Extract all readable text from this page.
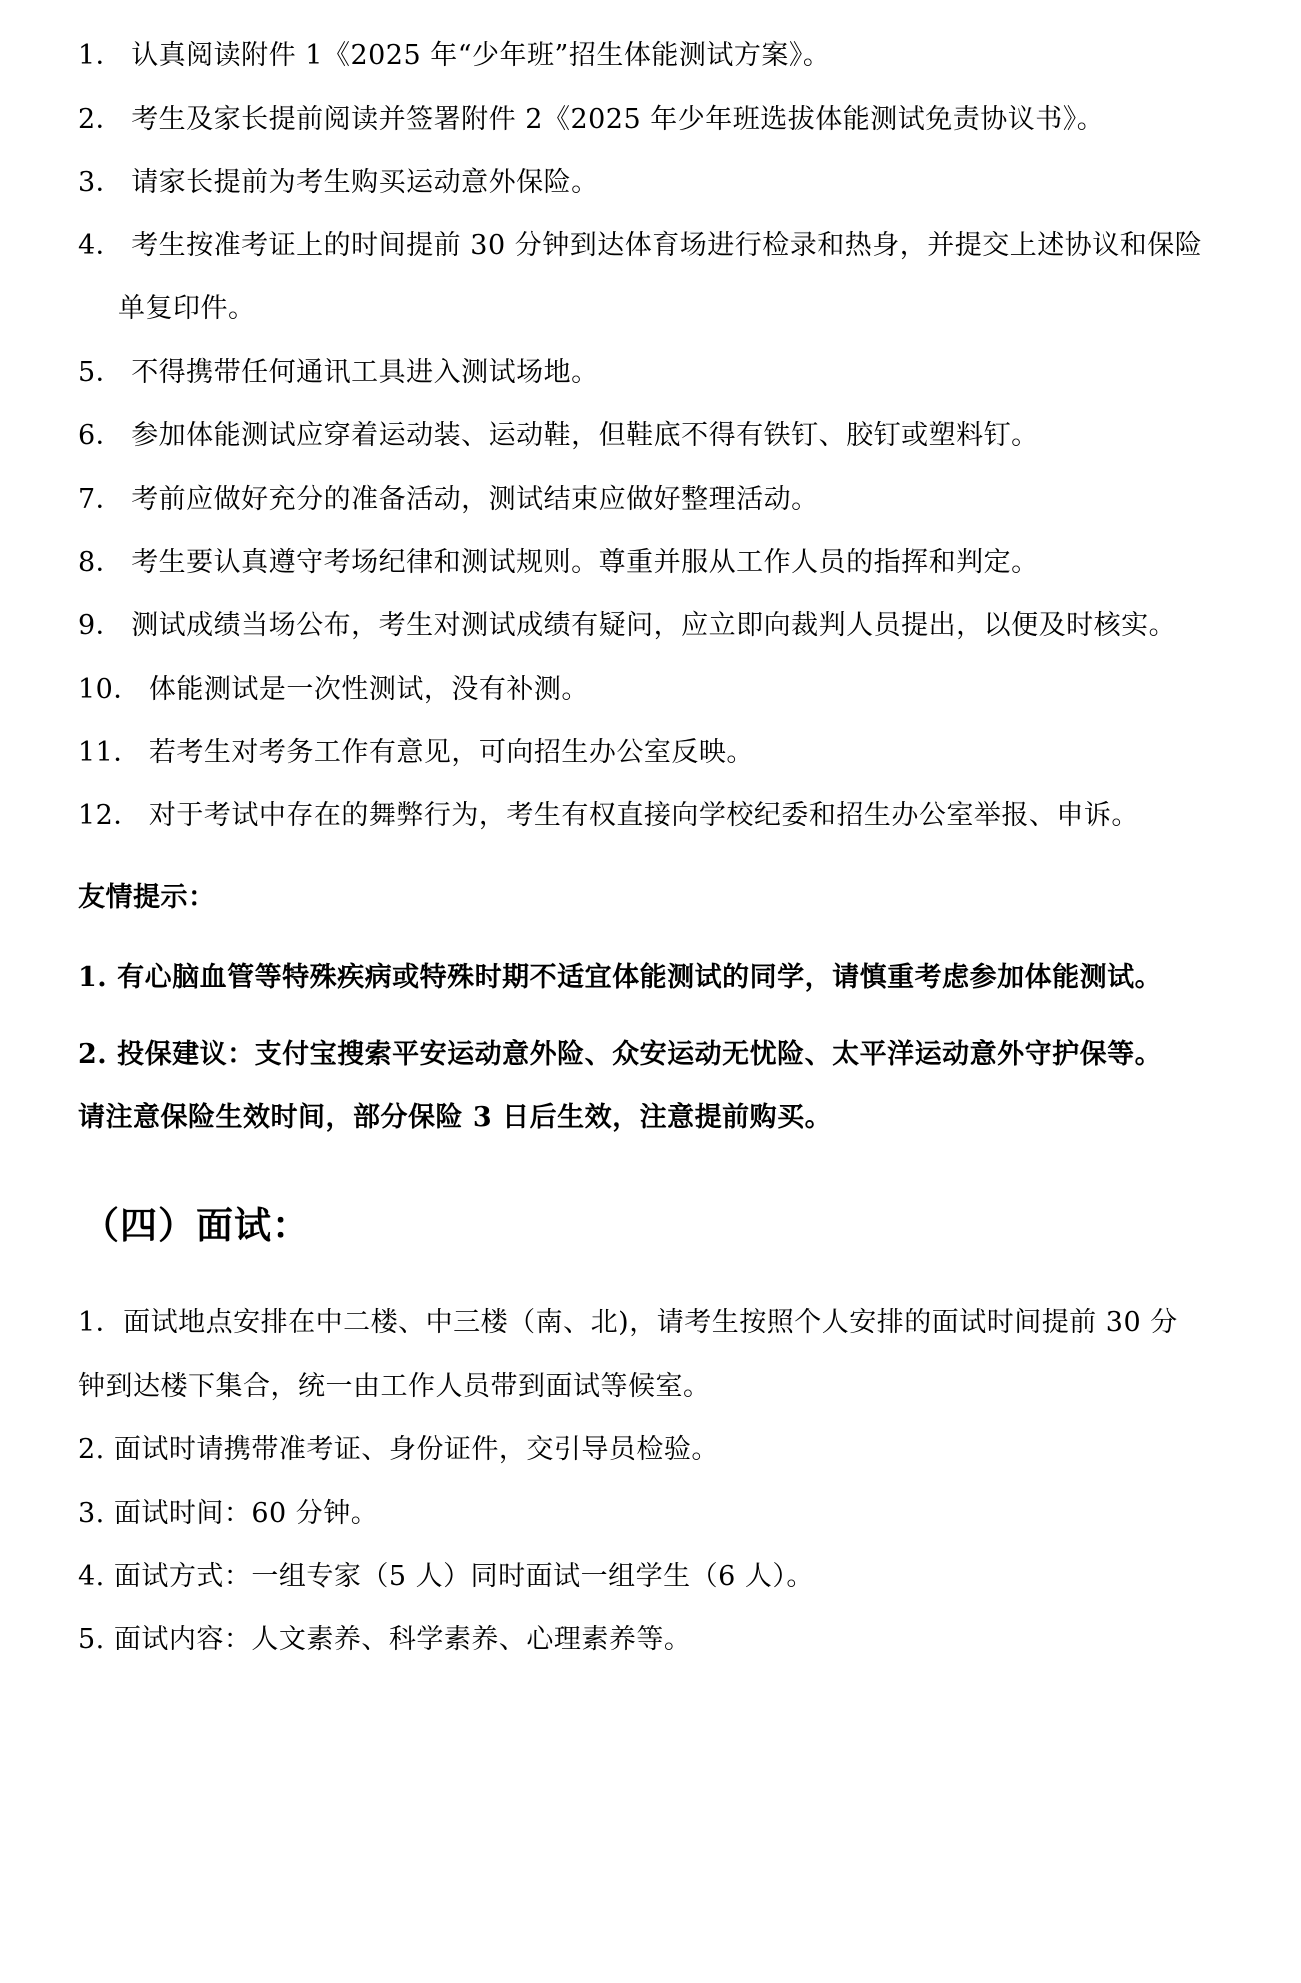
1． 认真阅读附件 1《2025 年“少年班”招生体能测试方案》。
2． 考生及家长提前阅读并签署附件 2《2025 年少年班选拔体能测试免责协议书》。
3． 请家长提前为考生购买运动意外保险。
4． 考生按准考证上的时间提前 30 分钟到达体育场进行检录和热身，并提交上述协议和保险
单复印件。
5． 不得携带任何通讯工具进入测试场地。
6． 参加体能测试应穿着运动装、运动鞋，但鞋底不得有铁钉、胶钉或塑料钉。
7． 考前应做好充分的准备活动，测试结束应做好整理活动。
8． 考生要认真遵守考场纪律和测试规则。尊重并服从工作人员的指挥和判定。
9． 测试成绩当场公布，考生对测试成绩有疑问，应立即向裁判人员提出，以便及时核实。
10． 体能测试是一次性测试，没有补测。
11． 若考生对考务工作有意见，可向招生办公室反映。
12． 对于考试中存在的舞弊行为，考生有权直接向学校纪委和招生办公室举报、申诉。
友情提示：
1. 有心脑血管等特殊疾病或特殊时期不适宜体能测试的同学，请慎重考虑参加体能测试。
2. 投保建议：支付宝搜索平安运动意外险、众安运动无忧险、太平洋运动意外守护保等。
请注意保险生效时间，部分保险 3 日后生效，注意提前购买。
（四）面试：
1．面试地点安排在中二楼、中三楼（南、北)，请考生按照个人安排的面试时间提前 30 分
钟到达楼下集合，统一由工作人员带到面试等候室。
2. 面试时请携带准考证、身份证件，交引导员检验。
3. 面试时间：60 分钟。
4. 面试方式：一组专家（5 人）同时面试一组学生（6 人）。
5. 面试内容：人文素养、科学素养、心理素养等。
